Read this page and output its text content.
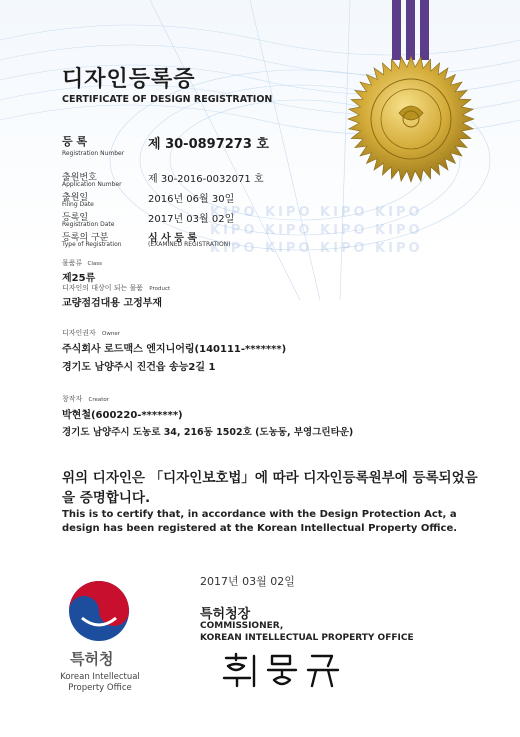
디자인등록증
CERTIFICATE OF DESIGN REGISTRATION
등 록
Registration Number
제 30-0897273 호
출원번호
Application Number	제 30-2016-0032071 호
출원일
Filing Date	2016년 06월 30일
등록일
Registration Date	2017년 03월 02일
등록의 구분
Type of Registration
심 사 등 록
(EXAMINED REGISTRATION)
KIPO KIPO KIPO KIPO
KIPO KIPO KIPO KIPO
KIPO KIPO KIPO KIPO
물품류 Class
제25류
디자인의 대상이 되는 물품 Product
교량점검대용 고정부재
디자인권자 Owner
주식회사 로드맥스 엔지니어링(140111-*******)
경기도 남양주시 진건읍 송능2길 1
창작자 Creator
박현철(600220-*******)
경기도 남양주시 도농로 34, 216동 1502호 (도농동, 부영그린타운)
위의 디자인은 「디자인보호법」에 따라 디자인등록원부에 등록되었음을 증명합니다.
This is to certify that, in accordance with the Design Protection Act, a design has been registered at the Korean Intellectual Property Office.
2017년 03월 02일
특허청
Korean Intellectual Property Office
특허청장
COMMISSIONER,
KOREAN INTELLECTUAL PROPERTY OFFICE
